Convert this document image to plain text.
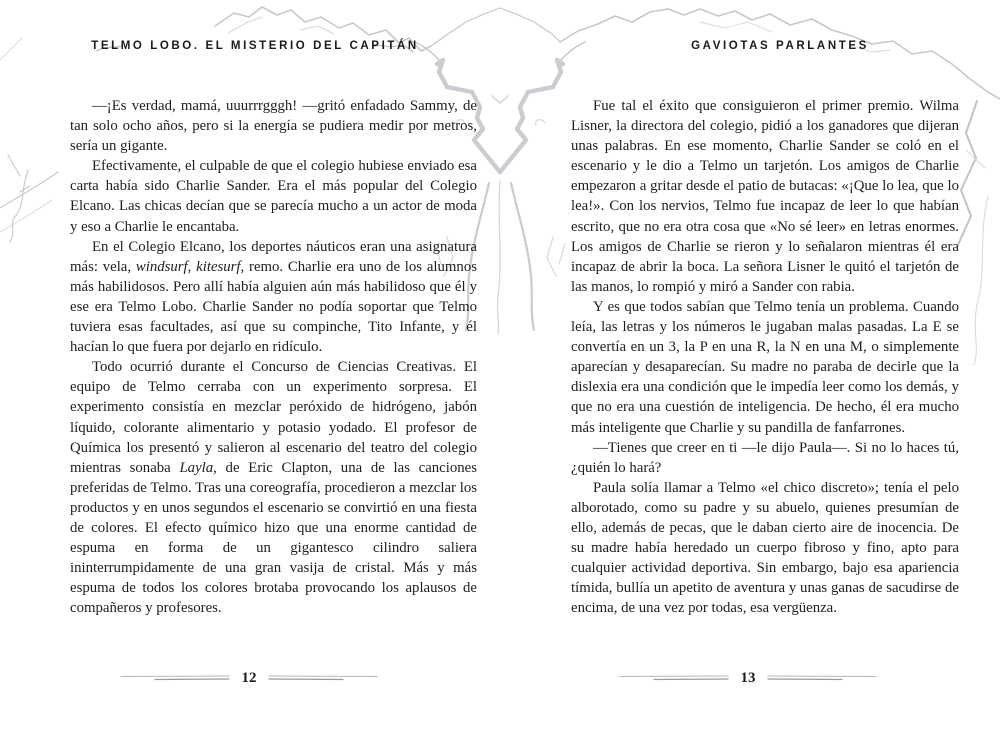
TELMO LOBO. EL MISTERIO DEL CAPITÁN

—¡Es verdad, mamá, uuurrrgggh! —gritó enfadado Sammy, de tan solo ocho años, pero si la energía se pudiera medir por metros, sería un gigante.

Efectivamente, el culpable de que el colegio hubiese enviado esa carta había sido Charlie Sander. Era el más popular del Colegio Elcano. Las chicas decían que se parecía mucho a un actor de moda y eso a Charlie le encantaba.

En el Colegio Elcano, los deportes náuticos eran una asignatura más: vela, windsurf, kitesurf, remo. Charlie era uno de los alumnos más habilidosos. Pero allí había alguien aún más habilidoso que él y ese era Telmo Lobo. Charlie Sander no podía soportar que Telmo tuviera esas facultades, así que su compinche, Tito Infante, y él hacían lo que fuera por dejarlo en ridículo.

Todo ocurrió durante el Concurso de Ciencias Creativas. El equipo de Telmo cerraba con un experimento sorpresa. El experimento consistía en mezclar peróxido de hidrógeno, jabón líquido, colorante alimentario y potasio yodado. El profesor de Química los presentó y salieron al escenario del teatro del colegio mientras sonaba Layla, de Eric Clapton, una de las canciones preferidas de Telmo. Tras una coreografía, procedieron a mezclar los productos y en unos segundos el escenario se convirtió en una fiesta de colores. El efecto químico hizo que una enorme cantidad de espuma en forma de un gigantesco cilindro saliera ininterrumpidamente de una gran vasija de cristal. Más y más espuma de todos los colores brotaba provocando los aplausos de compañeros y profesores.

12
GAVIOTAS PARLANTES

Fue tal el éxito que consiguieron el primer premio. Wilma Lisner, la directora del colegio, pidió a los ganadores que dijeran unas palabras. En ese momento, Charlie Sander se coló en el escenario y le dio a Telmo un tarjetón. Los amigos de Charlie empezaron a gritar desde el patio de butacas: «¡Que lo lea, que lo lea!». Con los nervios, Telmo fue incapaz de leer lo que habían escrito, que no era otra cosa que «No sé leer» en letras enormes. Los amigos de Charlie se rieron y lo señalaron mientras él era incapaz de abrir la boca. La señora Lisner le quitó el tarjetón de las manos, lo rompió y miró a Sander con rabia.

Y es que todos sabían que Telmo tenía un problema. Cuando leía, las letras y los números le jugaban malas pasadas. La E se convertía en un 3, la P en una R, la N en una M, o simplemente aparecían y desaparecían. Su madre no paraba de decirle que la dislexia era una condición que le impedía leer como los demás, y que no era una cuestión de inteligencia. De hecho, él era mucho más inteligente que Charlie y su pandilla de fanfarrones.

—Tienes que creer en ti —le dijo Paula—. Si no lo haces tú, ¿quién lo hará?

Paula solía llamar a Telmo «el chico discreto»; tenía el pelo alborotado, como su padre y su abuelo, quienes presumían de ello, además de pecas, que le daban cierto aire de inocencia. De su madre había heredado un cuerpo fibroso y fino, apto para cualquier actividad deportiva. Sin embargo, bajo esa apariencia tímida, bullía un apetito de aventura y unas ganas de sacudirse de encima, de una vez por todas, esa vergüenza.

13
